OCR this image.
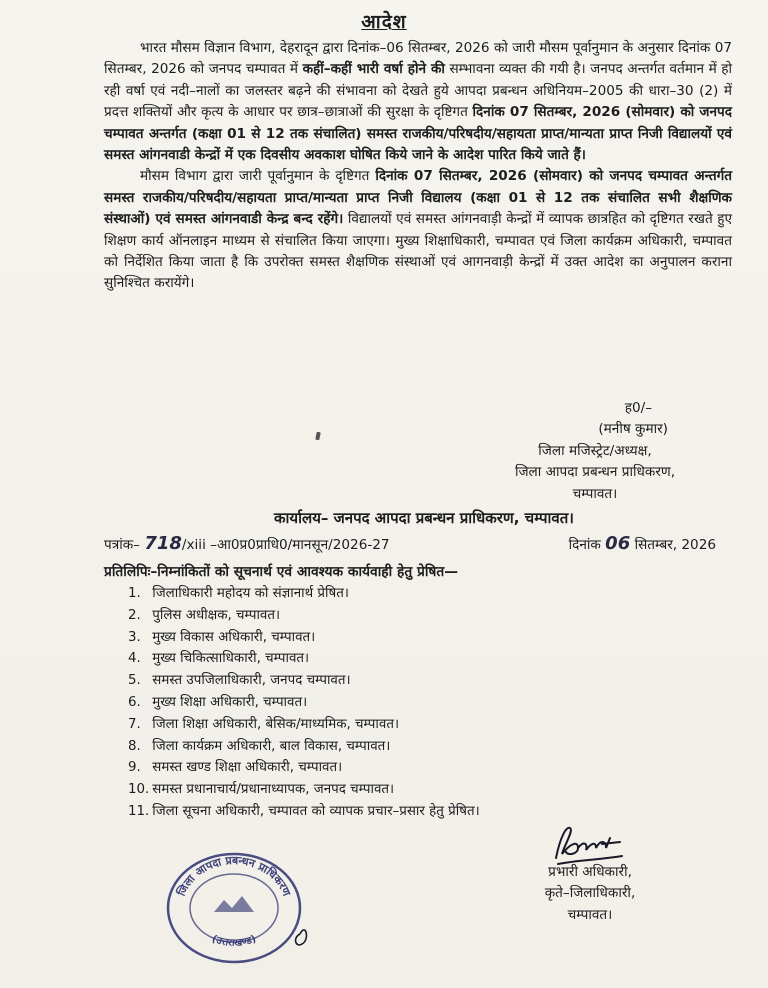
आदेश

भारत मौसम विज्ञान विभाग, देहरादून द्वारा दिनांक–06 सितम्बर, 2026 को जारी मौसम पूर्वानुमान के अनुसार दिनांक 07 सितम्बर, 2026 को जनपद चम्पावत में कहीं–कहीं भारी वर्षा होने की सम्भावना व्यक्त की गयी है। जनपद अन्तर्गत वर्तमान में हो रही वर्षा एवं नदी–नालों का जलस्तर बढ़ने की संभावना को देखते हुये आपदा प्रबन्धन अधिनियम–2005 की धारा–30 (2) में प्रदत्त शक्तियों और कृत्य के आधार पर छात्र–छात्राओं की सुरक्षा के दृष्टिगत दिनांक 07 सितम्बर, 2026 (सोमवार) को जनपद चम्पावत अन्तर्गत (कक्षा 01 से 12 तक संचालित) समस्त राजकीय/परिषदीय/सहायता प्राप्त/मान्यता प्राप्त निजी विद्यालयों एवं समस्त आंगनवाडी केन्द्रों में एक दिवसीय अवकाश घोषित किये जाने के आदेश पारित किये जाते हैं।

मौसम विभाग द्वारा जारी पूर्वानुमान के दृष्टिगत दिनांक 07 सितम्बर, 2026 (सोमवार) को जनपद चम्पावत अन्तर्गत समस्त राजकीय/परिषदीय/सहायता प्राप्त/मान्यता प्राप्त निजी विद्यालय (कक्षा 01 से 12 तक संचालित सभी शैक्षणिक संस्थाओं) एवं समस्त आंगनवाडी केन्द्र बन्द रहेंगे। विद्यालयों एवं समस्त आंगनवाड़ी केन्द्रों में व्यापक छात्रहित को दृष्टिगत रखते हुए शिक्षण कार्य ऑनलाइन माध्यम से संचालित किया जाएगा। मुख्य शिक्षाधिकारी, चम्पावत एवं जिला कार्यक्रम अधिकारी, चम्पावत को निर्देशित किया जाता है कि उपरोक्त समस्त शैक्षणिक संस्थाओं एवं आगनवाड़ी केन्द्रों में उक्त आदेश का अनुपालन कराना सुनिश्चित करायेंगे।

ह0/–
(मनीष कुमार)
जिला मजिस्ट्रेट/अध्यक्ष,
जिला आपदा प्रबन्धन प्राधिकरण,
चम्पावत।
कार्यालय– जनपद आपदा प्रबन्धन प्राधिकरण, चम्पावत।
पत्रांक– 718/xiii –आ0प्र0प्राधि0/मानसून/2026-27	दिनांक 06 सितम्बर, 2026
प्रतिलिपिः–निम्नांकितों को सूचनार्थ एवं आवश्यक कार्यवाही हेतु प्रेषित—
1. जिलाधिकारी महोदय को संज्ञानार्थ प्रेषित।
2. पुलिस अधीक्षक, चम्पावत।
3. मुख्य विकास अधिकारी, चम्पावत।
4. मुख्य चिकित्साधिकारी, चम्पावत।
5. समस्त उपजिलाधिकारी, जनपद चम्पावत।
6. मुख्य शिक्षा अधिकारी, चम्पावत।
7. जिला शिक्षा अधिकारी, बेसिक/माध्यमिक, चम्पावत।
8. जिला कार्यक्रम अधिकारी, बाल विकास, चम्पावत।
9. समस्त खण्ड शिक्षा अधिकारी, चम्पावत।
10. समस्त प्रधानाचार्य/प्रधानाध्यापक, जनपद चम्पावत।
11. जिला सूचना अधिकारी, चम्पावत को व्यापक प्रचार–प्रसार हेतु प्रेषित।
प्रभारी अधिकारी,
कृते–जिलाधिकारी,
चम्पावत।
जिला आपदा प्रबन्धन प्राधिकरण
(उत्तराखण्ड)
